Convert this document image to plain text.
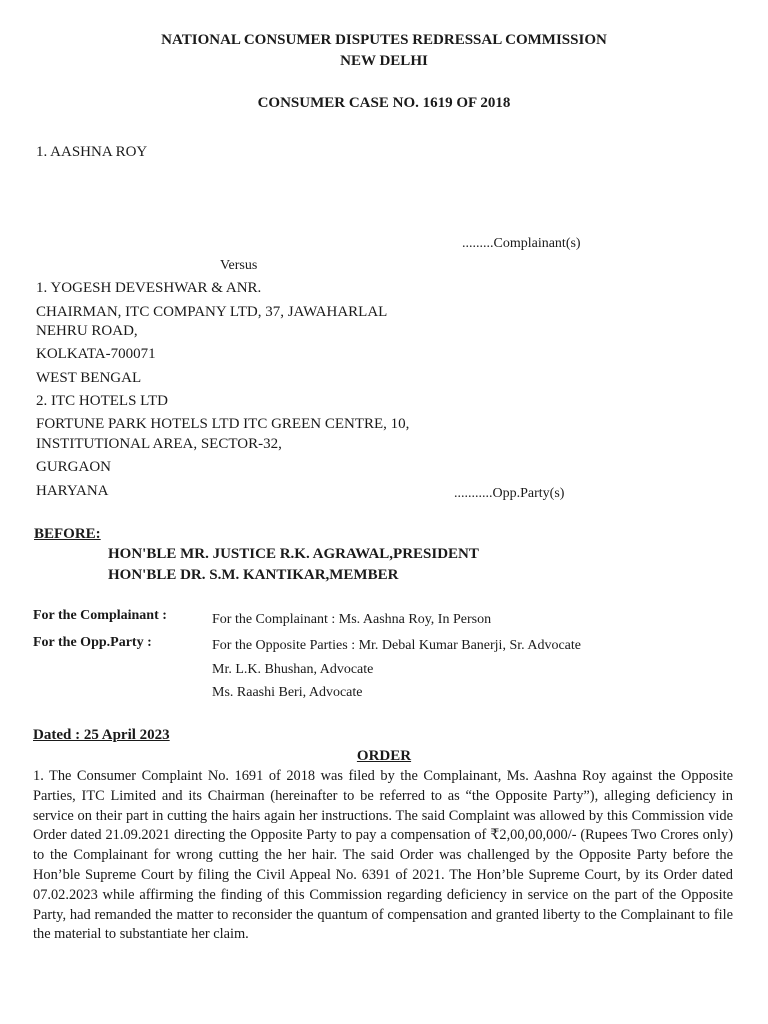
NATIONAL CONSUMER DISPUTES REDRESSAL COMMISSION
NEW DELHI
CONSUMER CASE NO. 1619 OF 2018
1. AASHNA ROY
.........Complainant(s)
Versus
1. YOGESH DEVESHWAR & ANR.
CHAIRMAN, ITC COMPANY LTD, 37, JAWAHARLAL
NEHRU ROAD,
KOLKATA-700071
WEST BENGAL
2. ITC HOTELS LTD
FORTUNE PARK HOTELS LTD ITC GREEN CENTRE, 10,
INSTITUTIONAL AREA, SECTOR-32,
GURGAON
HARYANA	...........Opp.Party(s)
BEFORE:
HON'BLE MR. JUSTICE R.K. AGRAWAL,PRESIDENT
HON'BLE DR. S.M. KANTIKAR,MEMBER
For the Complainant :	For the Complainant : Ms. Aashna Roy, In Person
For the Opp.Party :	For the Opposite Parties : Mr. Debal Kumar Banerji, Sr. Advocate
Mr. L.K. Bhushan, Advocate
Ms. Raashi Beri, Advocate
Dated : 25 April 2023
ORDER
1. The Consumer Complaint No. 1691 of 2018 was filed by the Complainant, Ms. Aashna Roy against the Opposite Parties, ITC Limited and its Chairman (hereinafter to be referred to as “the Opposite Party”), alleging deficiency in service on their part in cutting the hairs again her instructions. The said Complaint was allowed by this Commission vide Order dated 21.09.2021 directing the Opposite Party to pay a compensation of ₹2,00,00,000/- (Rupees Two Crores only) to the Complainant for wrong cutting the her hair. The said Order was challenged by the Opposite Party before the Hon’ble Supreme Court by filing the Civil Appeal No. 6391 of 2021. The Hon’ble Supreme Court, by its Order dated 07.02.2023 while affirming the finding of this Commission regarding deficiency in service on the part of the Opposite Party, had remanded the matter to reconsider the quantum of compensation and granted liberty to the Complainant to file the material to substantiate her claim.
